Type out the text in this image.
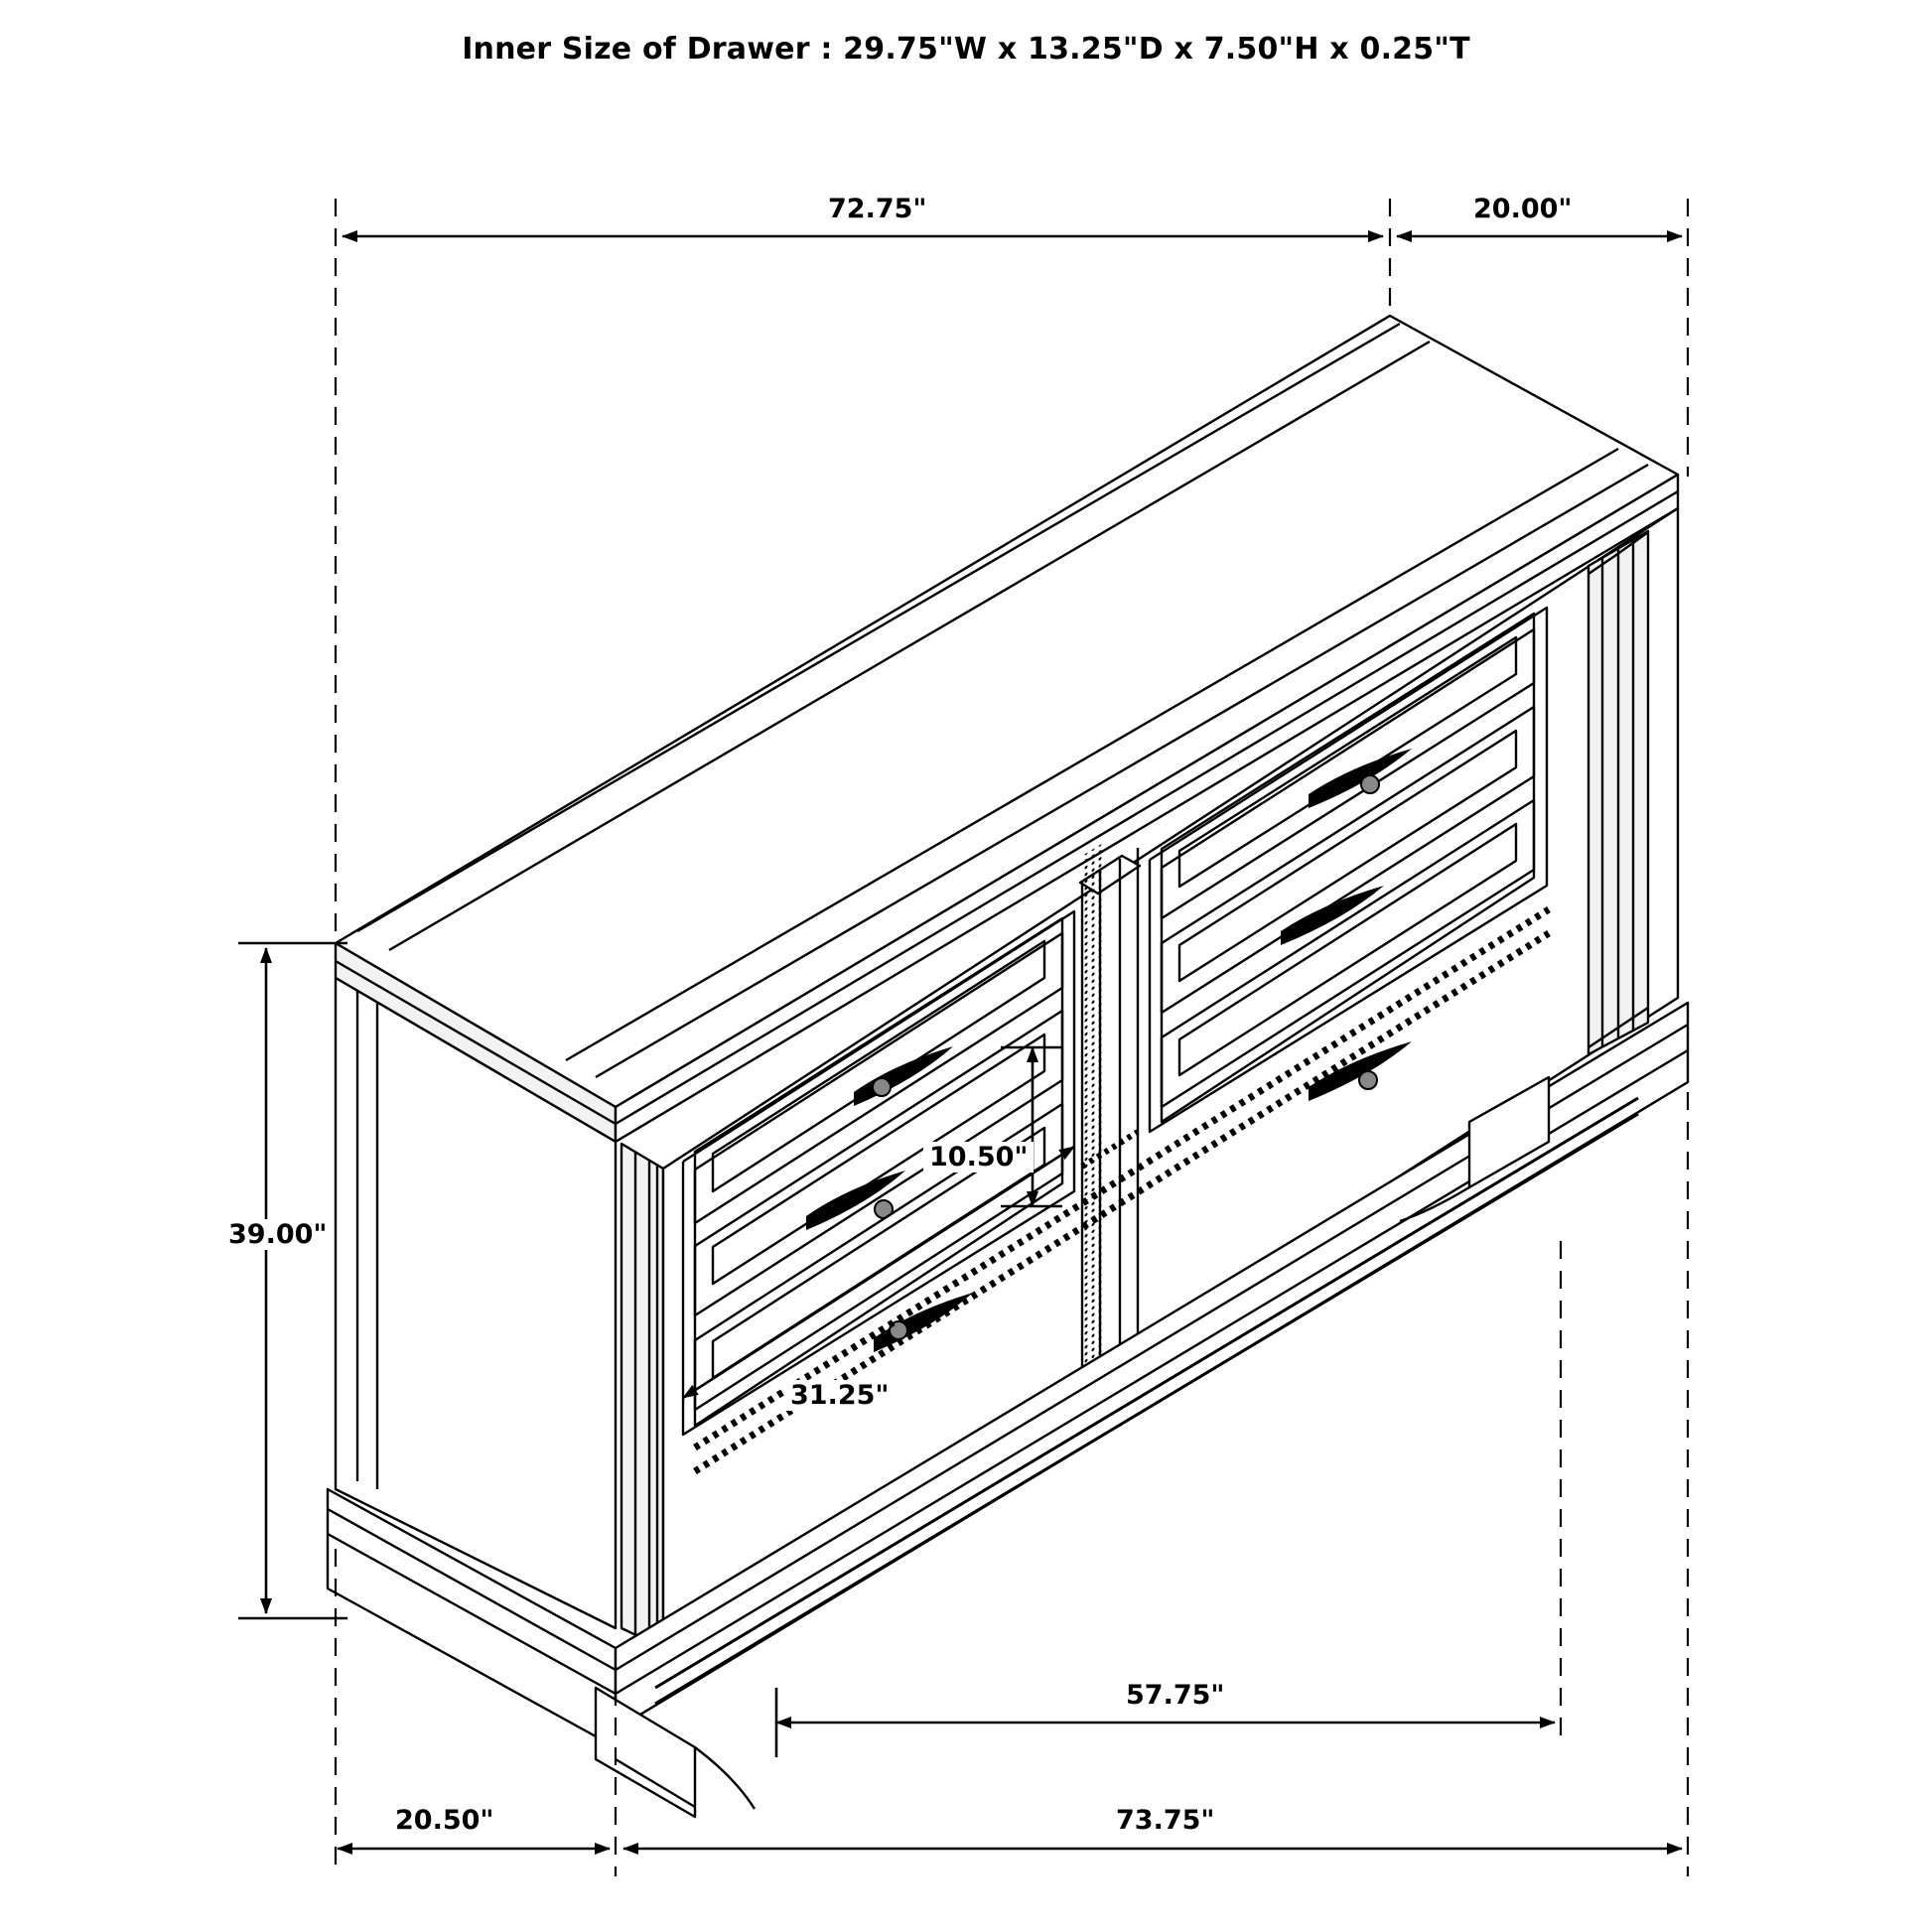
Inner Size of Drawer : 29.75"W x 13.25"D x 7.50"H x 0.25"T
72.75"	20.00"
39.00"
10.50"
31.25"
57.75"
20.50"	73.75"
